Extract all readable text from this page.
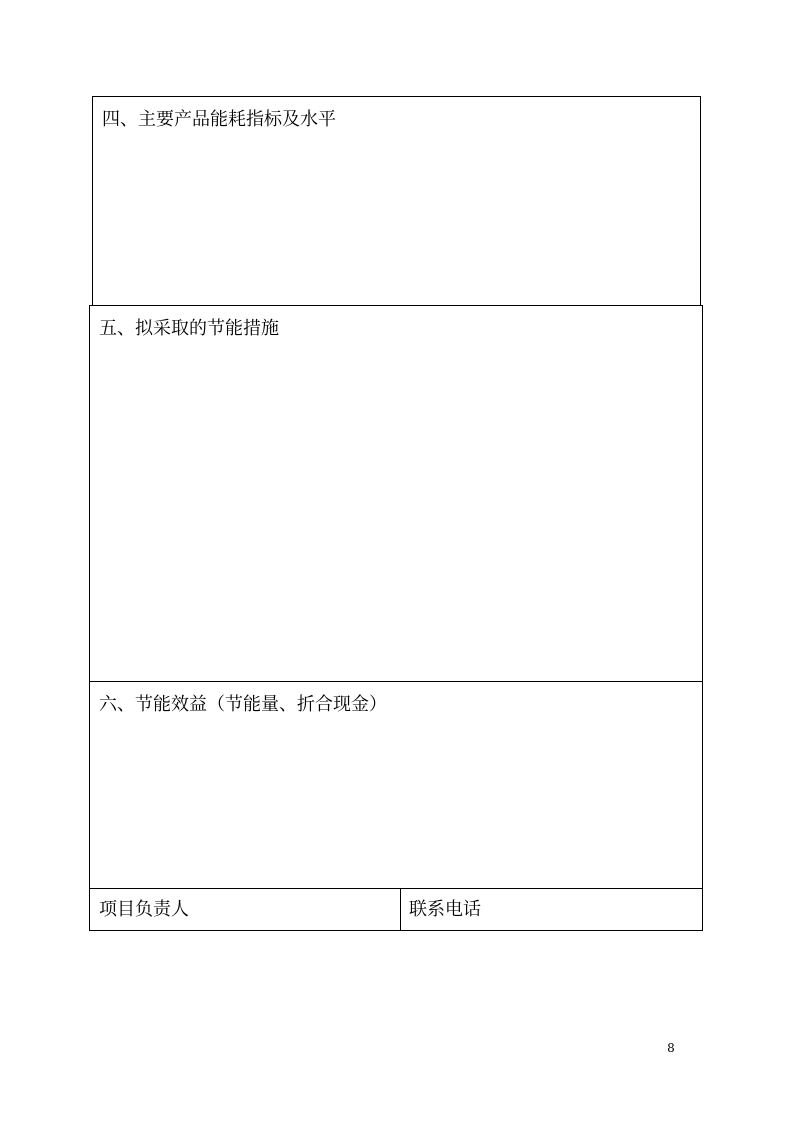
四、主要产品能耗指标及水平
五、拟采取的节能措施
六、节能效益（节能量、折合现金）
项目负责人	联系电话
8
